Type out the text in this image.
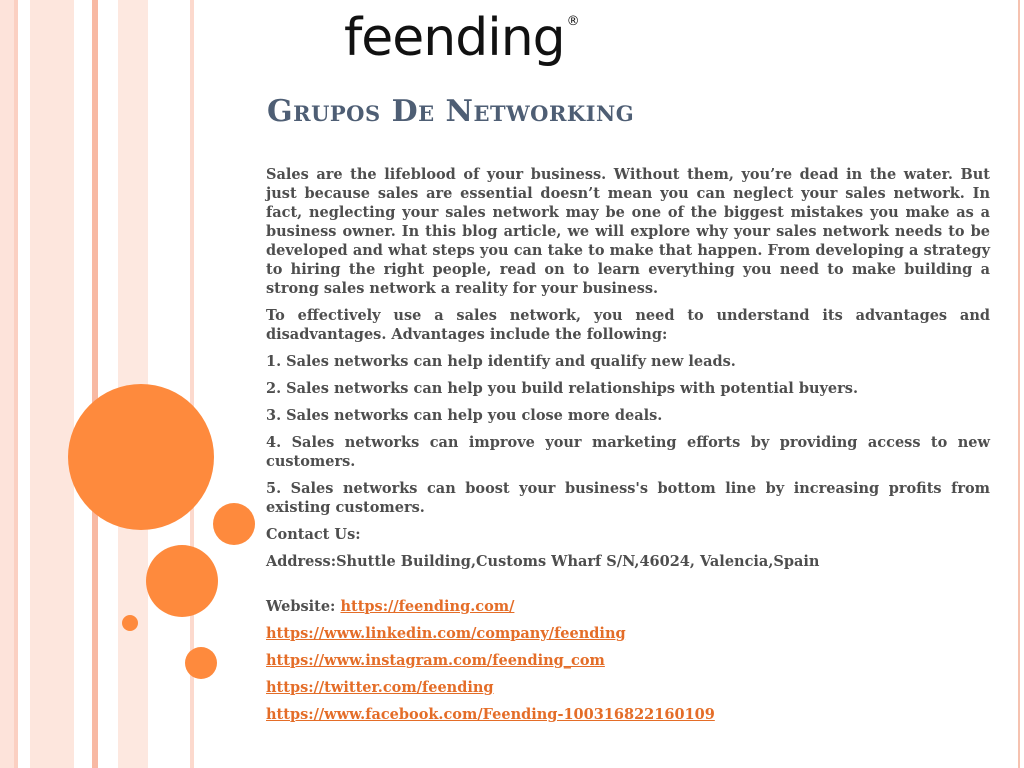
feending ®
Grupos De Networking

Sales are the lifeblood of your business. Without them, you’re dead in the water. But just because sales are essential doesn’t mean you can neglect your sales network. In fact, neglecting your sales network may be one of the biggest mistakes you make as a business owner. In this blog article, we will explore why your sales network needs to be developed and what steps you can take to make that happen. From developing a strategy to hiring the right people, read on to learn everything you need to make building a strong sales network a reality for your business.

To effectively use a sales network, you need to understand its advantages and disadvantages. Advantages include the following:

1. Sales networks can help identify and qualify new leads.

2. Sales networks can help you build relationships with potential buyers.

3. Sales networks can help you close more deals.

4. Sales networks can improve your marketing efforts by providing access to new customers.

5. Sales networks can boost your business's bottom line by increasing profits from existing customers.

Contact Us:

Address:Shuttle Building,Customs Wharf S/N,46024, Valencia,Spain

Website: https://feending.com/

https://www.linkedin.com/company/feending

https://www.instagram.com/feending_com

https://twitter.com/feending

https://www.facebook.com/Feending-100316822160109
